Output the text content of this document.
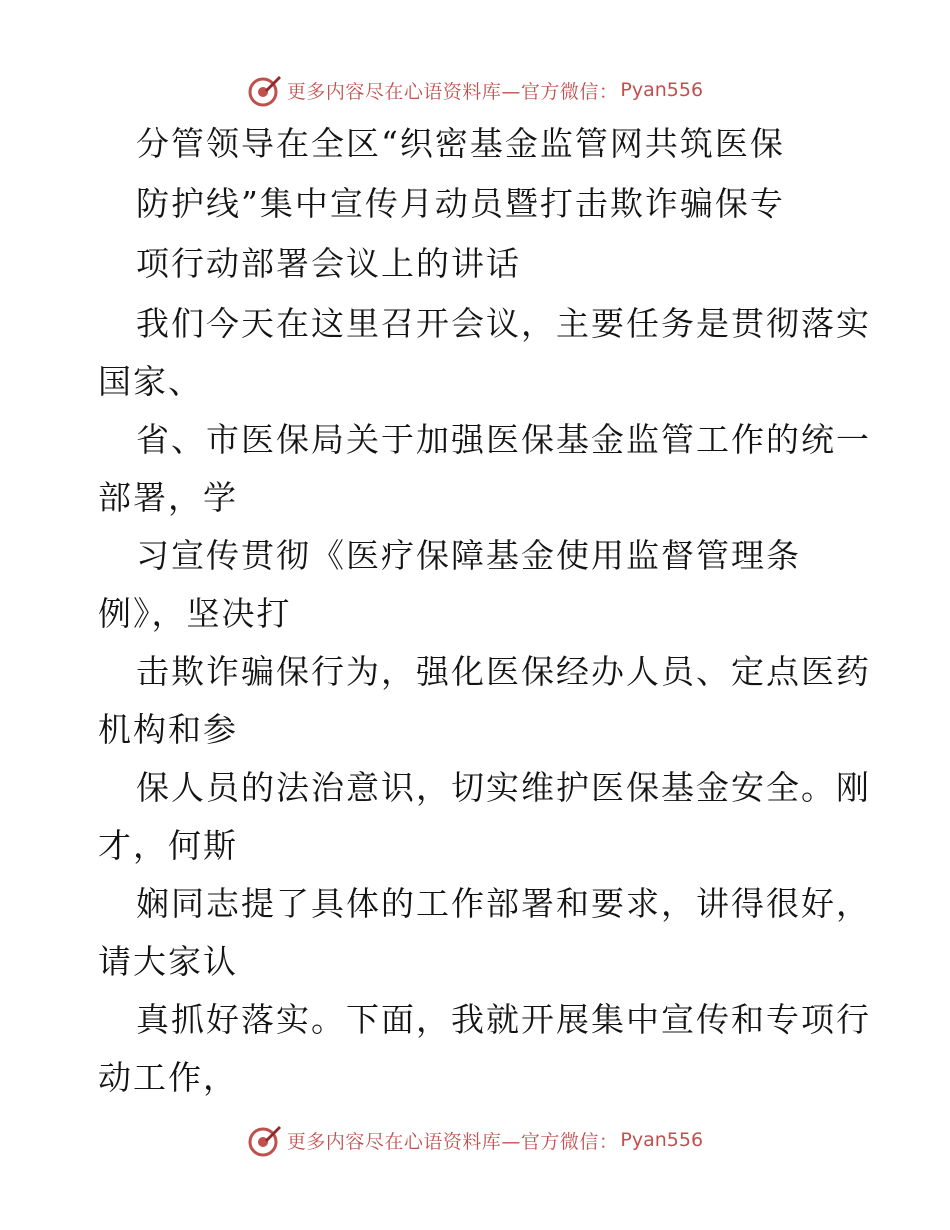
更多内容尽在心语资料库—官方微信： Pyan556
分管领导在全区“织密基金监管网共筑医保
防护线”集中宣传月动员暨打击欺诈骗保专
项行动部署会议上的讲话
我们今天在这里召开会议，主要任务是贯彻落实
国家、
省、市医保局关于加强医保基金监管工作的统一
部署，学
习宣传贯彻《医疗保障基金使用监督管理条
例》，坚决打
击欺诈骗保行为，强化医保经办人员、定点医药
机构和参
保人员的法治意识，切实维护医保基金安全。刚
才，何斯
娴同志提了具体的工作部署和要求，讲得很好，
请大家认
真抓好落实。下面，我就开展集中宣传和专项行
动工作，
更多内容尽在心语资料库—官方微信： Pyan556
